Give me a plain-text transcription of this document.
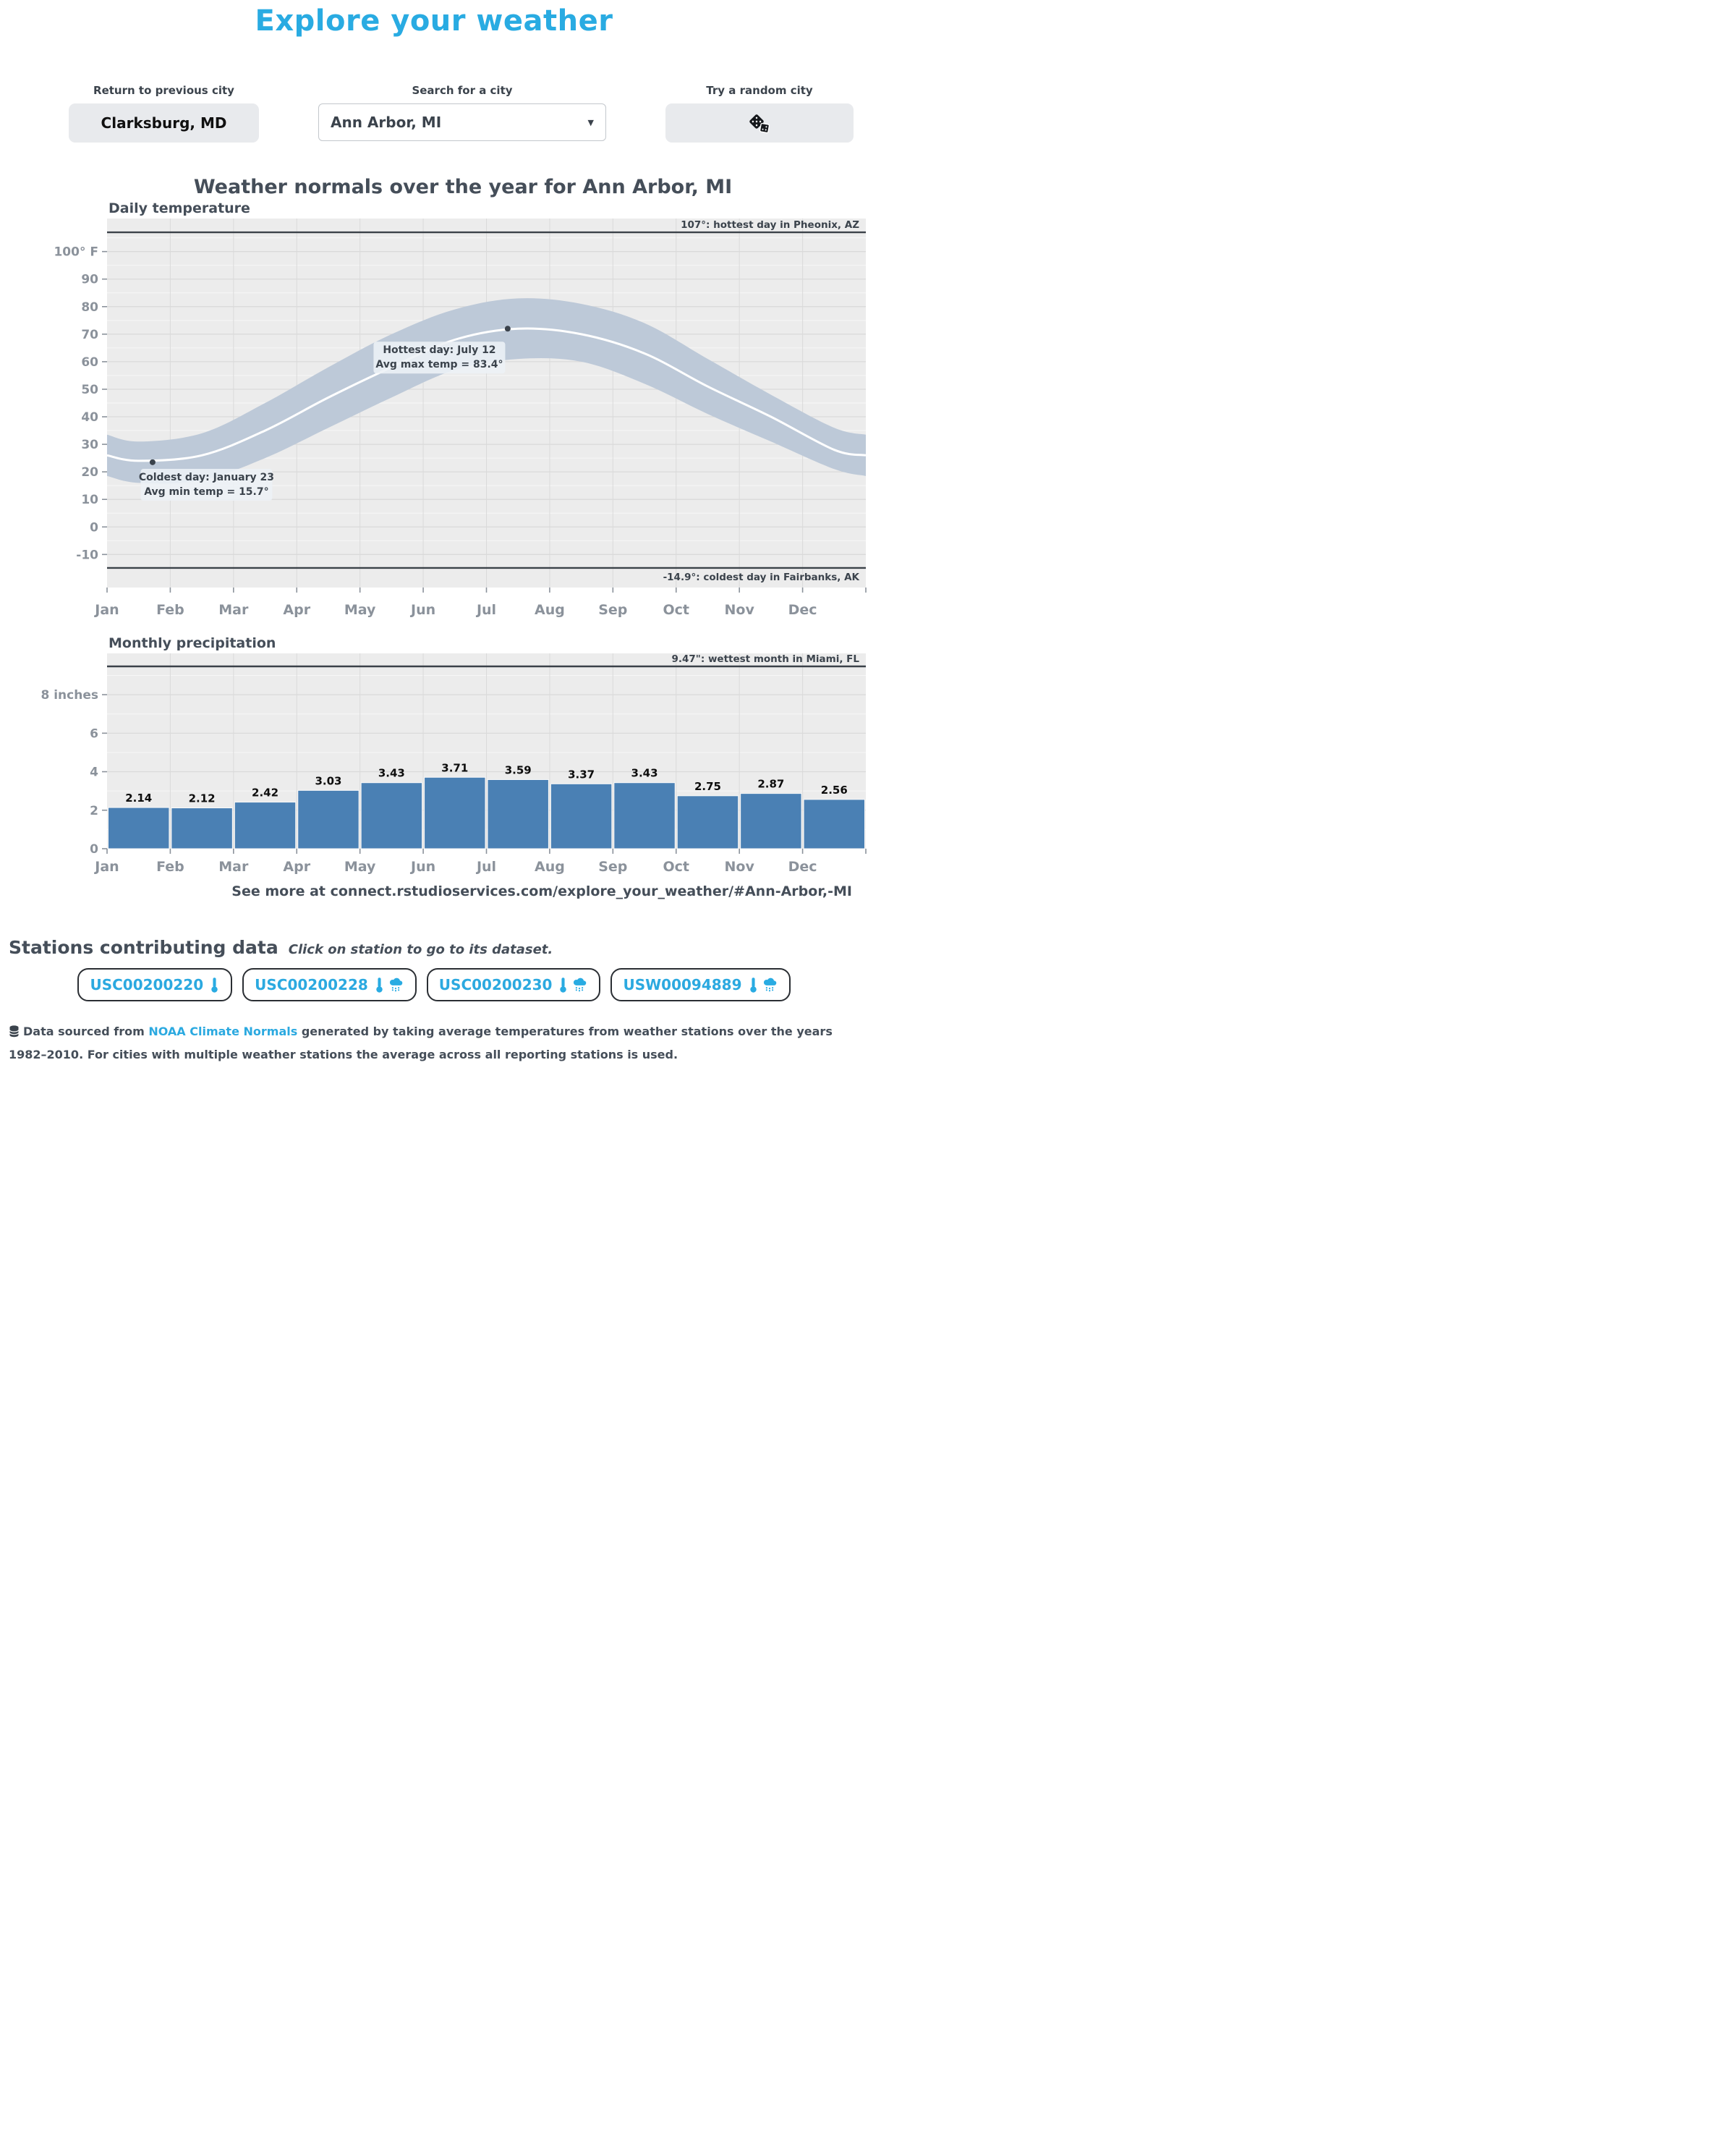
Explore your weather
Return to previous city
Clarksburg, MD
Search for a city
Ann Arbor, MI	▼
Try a random city
Weather normals over the year for Ann Arbor, MI
Daily temperature
107°: hottest day in Pheonix, AZ
-14.9°: coldest day in Fairbanks, AK
Hottest day: July 12
Avg max temp = 83.4°
Coldest day: January 23
Avg min temp = 15.7°
-10
0
10
20
30
40
50
60
70
80
90
100° F
Jan	Feb	Mar	Apr May	Jun	Jul	Aug Sep	Oct	Nov Dec
Monthly precipitation
2.14	2.12	2.42
3.03
3.43	3.71	3.59	3.37	3.43
2.75	2.87	2.56
9.47": wettest month in Miami, FL
0
2
4
6
8 inches
Jan	Feb	Mar	Apr May	Jun	Jul	Aug Sep	Oct	Nov Dec
See more at connect.rstudioservices.com/explore_your_weather/#Ann-Arbor,-MI
Stations contributing data Click on station to go to its dataset.
USC00200220	USC00200228	USC00200230	USW00094889

Data sourced from NOAA Climate Normals generated by taking average temperatures from weather stations over the years 1982–2010. For cities with multiple weather stations the average across all reporting stations is used.
